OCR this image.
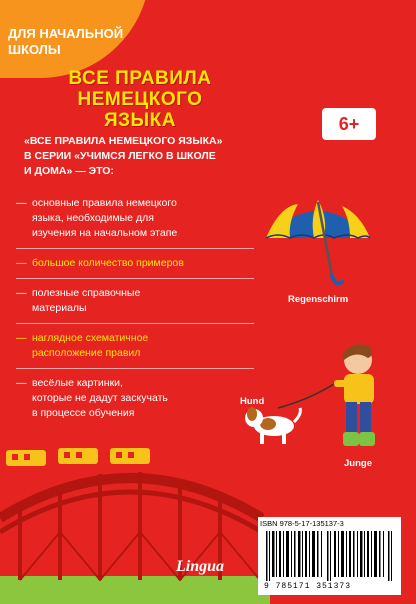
ДЛЯ НАЧАЛЬНОЙ ШКОЛЫ
ВСЕ ПРАВИЛА
НЕМЕЦКОГО
ЯЗЫКА	6+
«ВСЕ ПРАВИЛА НЕМЕЦКОГО ЯЗЫКА»
В СЕРИИ «УЧИМСЯ ЛЕГКО В ШКОЛЕ
И ДОМА» — ЭТО:
— основные правила немецкого
языка, необходимые для
изучения на начальном этапе
— большое количество примеров
— полезные справочные
материалы
— наглядное схематичное
расположение правил
— весёлые картинки,
которые не дадут заскучать
в процессе обучения
Regenschirm
Hund
Junge
Lingua
ISBN 978-5-17-135137-3
9 785171 351373
